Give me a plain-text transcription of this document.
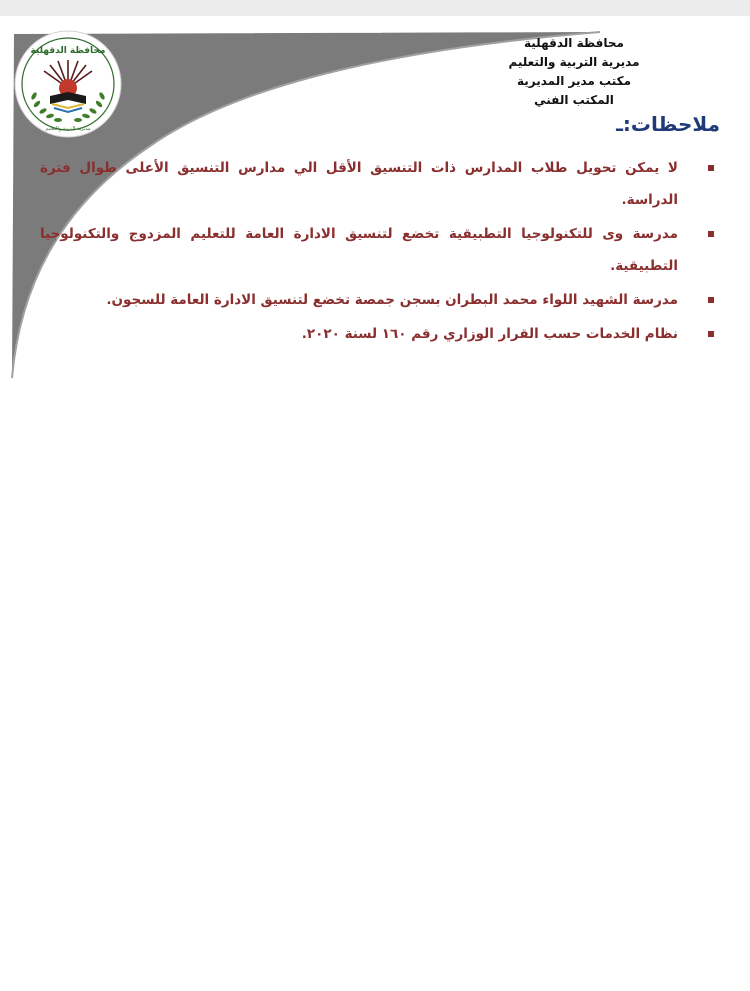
محافظة الدقهلية
مديرية التربية والتعليم
محافظة الدقهلية
مديرية التربية والتعليم
مكتب مدير المديرية
المكتب الفني
ملاحظات:ـ
لا يمكن تحويل طلاب المدارس ذات التنسيق الأقل الي مدارس التنسيق الأعلى طوال فترة الدراسة.
مدرسة وى للتكنولوجيا التطبيقية تخضع لتنسيق الادارة العامة للتعليم المزدوج والتكنولوجيا التطبيقية.
مدرسة الشهيد اللواء محمد البطران بسجن جمصة تخضع لتنسيق الادارة العامة للسجون.
نظام الخدمات حسب القرار الوزاري رقم ١٦٠ لسنة ٢٠٢٠.
